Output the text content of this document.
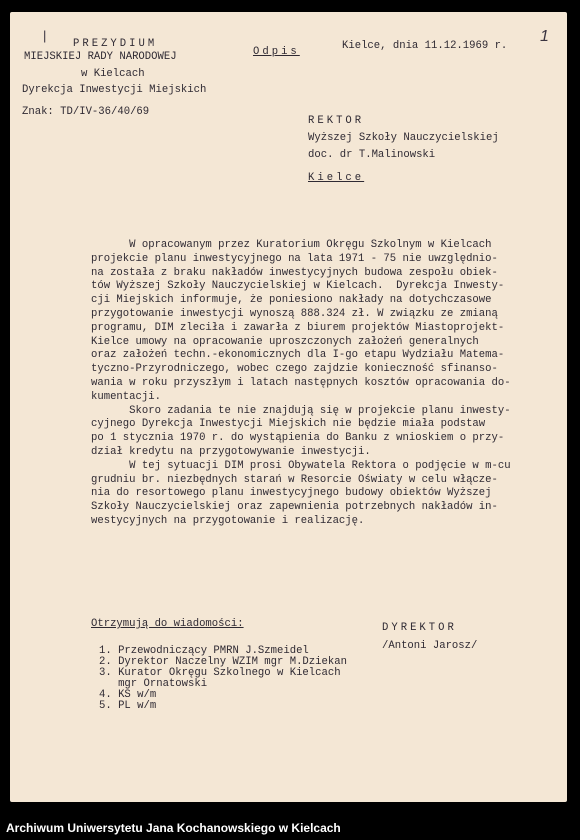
|	1
PREZYDIUM
MIEJSKIEJ RADY NARODOWEJ
w Kielcach
Dyrekcja Inwestycji Miejskich
Znak: TD/IV-36/40/69
Odpis	Kielce, dnia 11.12.1969 r.
REKTOR
Wyższej Szkoły Nauczycielskiej
doc. dr T.Malinowski
Kielce
W opracowanym przez Kuratorium Okręgu Szkolnym w Kielcach
projekcie planu inwestycyjnego na lata 1971 - 75 nie uwzględnio-
na została z braku nakładów inwestycyjnych budowa zespołu obiek-
tów Wyższej Szkoły Nauczycielskiej w Kielcach.  Dyrekcja Inwesty-
cji Miejskich informuje, że poniesiono nakłady na dotychczasowe
przygotowanie inwestycji wynoszą 888.324 zł. W związku ze zmianą
programu, DIM zleciła i zawarła z biurem projektów Miastoprojekt-
Kielce umowy na opracowanie uproszczonych założeń generalnych
oraz założeń techn.-ekonomicznych dla I-go etapu Wydziału Matema-
tyczno-Przyrodniczego, wobec czego zajdzie konieczność sfinanso-
wania w roku przyszłym i latach następnych kosztów opracowania do-
kumentacji.
Skoro zadania te nie znajdują się w projekcie planu inwesty-
cyjnego Dyrekcja Inwestycji Miejskich nie będzie miała podstaw
po 1 stycznia 1970 r. do wystąpienia do Banku z wnioskiem o przy-
dział kredytu na przygotowywanie inwestycji.
W tej sytuacji DIM prosi Obywatela Rektora o podjęcie w m-cu
grudniu br. niezbędnych starań w Resorcie Oświaty w celu włącze-
nia do resortowego planu inwestycyjnego budowy obiektów Wyższej
Szkoły Nauczycielskiej oraz zapewnienia potrzebnych nakładów in-
westycyjnych na przygotowanie i realizację.
Otrzymują do wiadomości:
1. Przewodniczący PMRN J.Szmeidel
2. Dyrektor Naczelny WZIM mgr M.Dziekan
3. Kurator Okręgu Szkolnego w Kielcach
mgr Ornatowski
4. KS w/m
5. PL w/m
DYREKTOR
/Antoni Jarosz/
Archiwum Uniwersytetu Jana Kochanowskiego w Kielcach
